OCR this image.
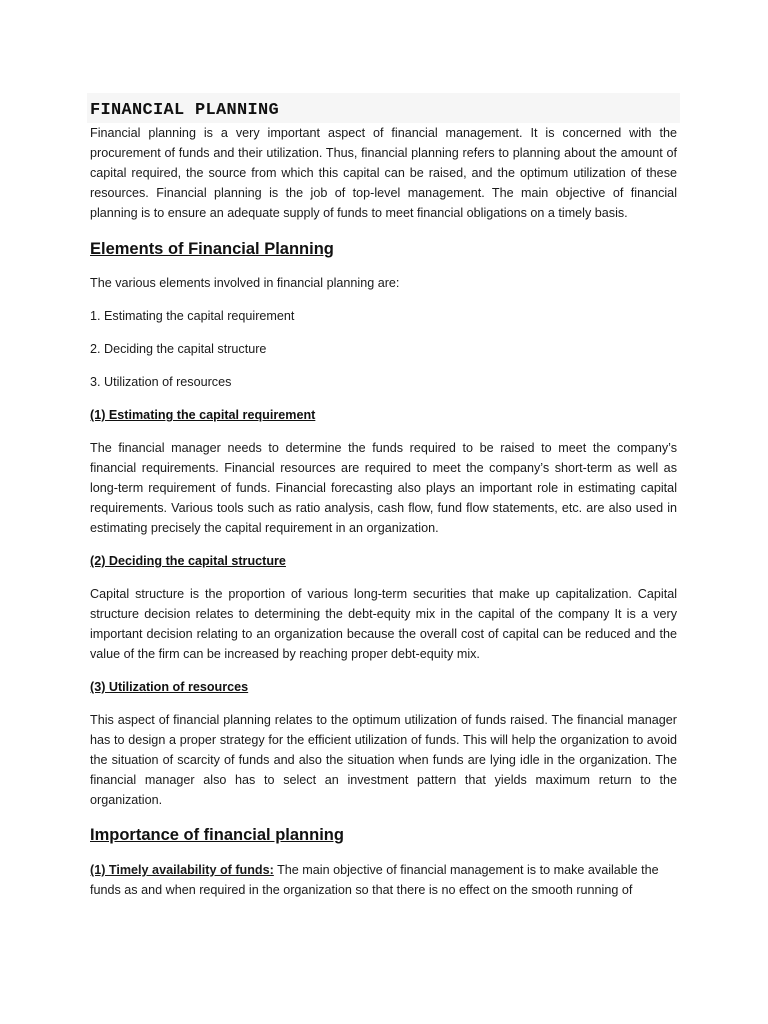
FINANCIAL PLANNING

Financial planning is a very important aspect of financial management. It is concerned with the procurement of funds and their utilization. Thus, financial planning refers to planning about the amount of capital required, the source from which this capital can be raised, and the optimum utilization of these resources. Financial planning is the job of top-level management. The main objective of financial planning is to ensure an adequate supply of funds to meet financial obligations on a timely basis.

Elements of Financial Planning

The various elements involved in financial planning are:

1. Estimating the capital requirement

2. Deciding the capital structure

3. Utilization of resources

(1) Estimating the capital requirement

The financial manager needs to determine the funds required to be raised to meet the company’s financial requirements. Financial resources are required to meet the company’s short-term as well as long-term requirement of funds. Financial forecasting also plays an important role in estimating capital requirements. Various tools such as ratio analysis, cash flow, fund flow statements, etc. are also used in estimating precisely the capital requirement in an organization.

(2) Deciding the capital structure

Capital structure is the proportion of various long-term securities that make up capitalization. Capital structure decision relates to determining the debt-equity mix in the capital of the company It is a very important decision relating to an organization because the overall cost of capital can be reduced and the value of the firm can be increased by reaching proper debt-equity mix.

(3) Utilization of resources

This aspect of financial planning relates to the optimum utilization of funds raised. The financial manager has to design a proper strategy for the efficient utilization of funds. This will help the organization to avoid the situation of scarcity of funds and also the situation when funds are lying idle in the organization. The financial manager also has to select an investment pattern that yields maximum return to the organization.

Importance of financial planning

(1) Timely availability of funds: The main objective of financial management is to make available the funds as and when required in the organization so that there is no effect on the smooth running of
